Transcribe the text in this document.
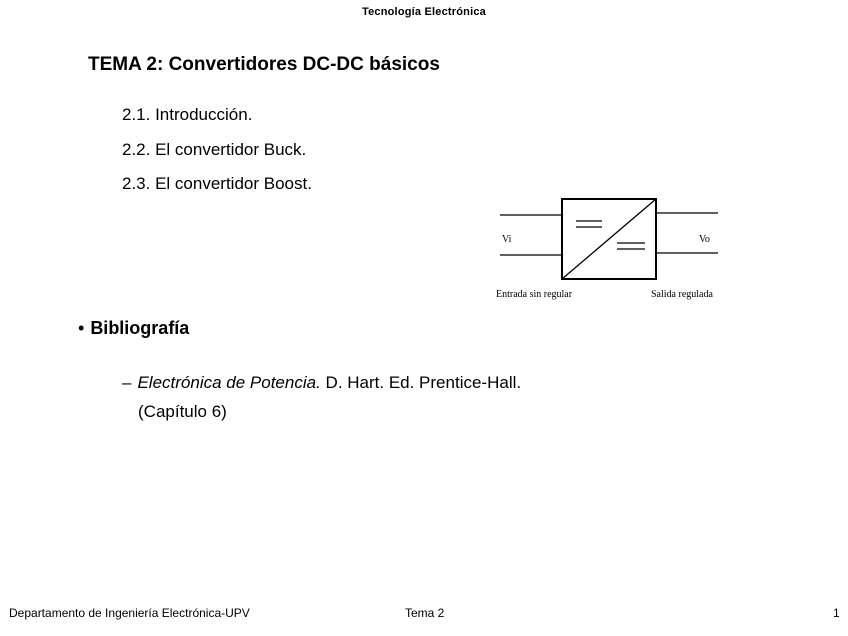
Tecnología Electrónica
TEMA 2: Convertidores DC-DC básicos
2.1. Introducción.
2.2. El convertidor Buck.
2.3. El convertidor Boost.
Vi	Vo
Entrada sin regular	Salida regulada
• Bibliografía
– Electrónica de Potencia. D. Hart. Ed. Prentice-Hall.
(Capítulo 6)
Departamento de Ingeniería Electrónica-UPV	Tema 2	1
